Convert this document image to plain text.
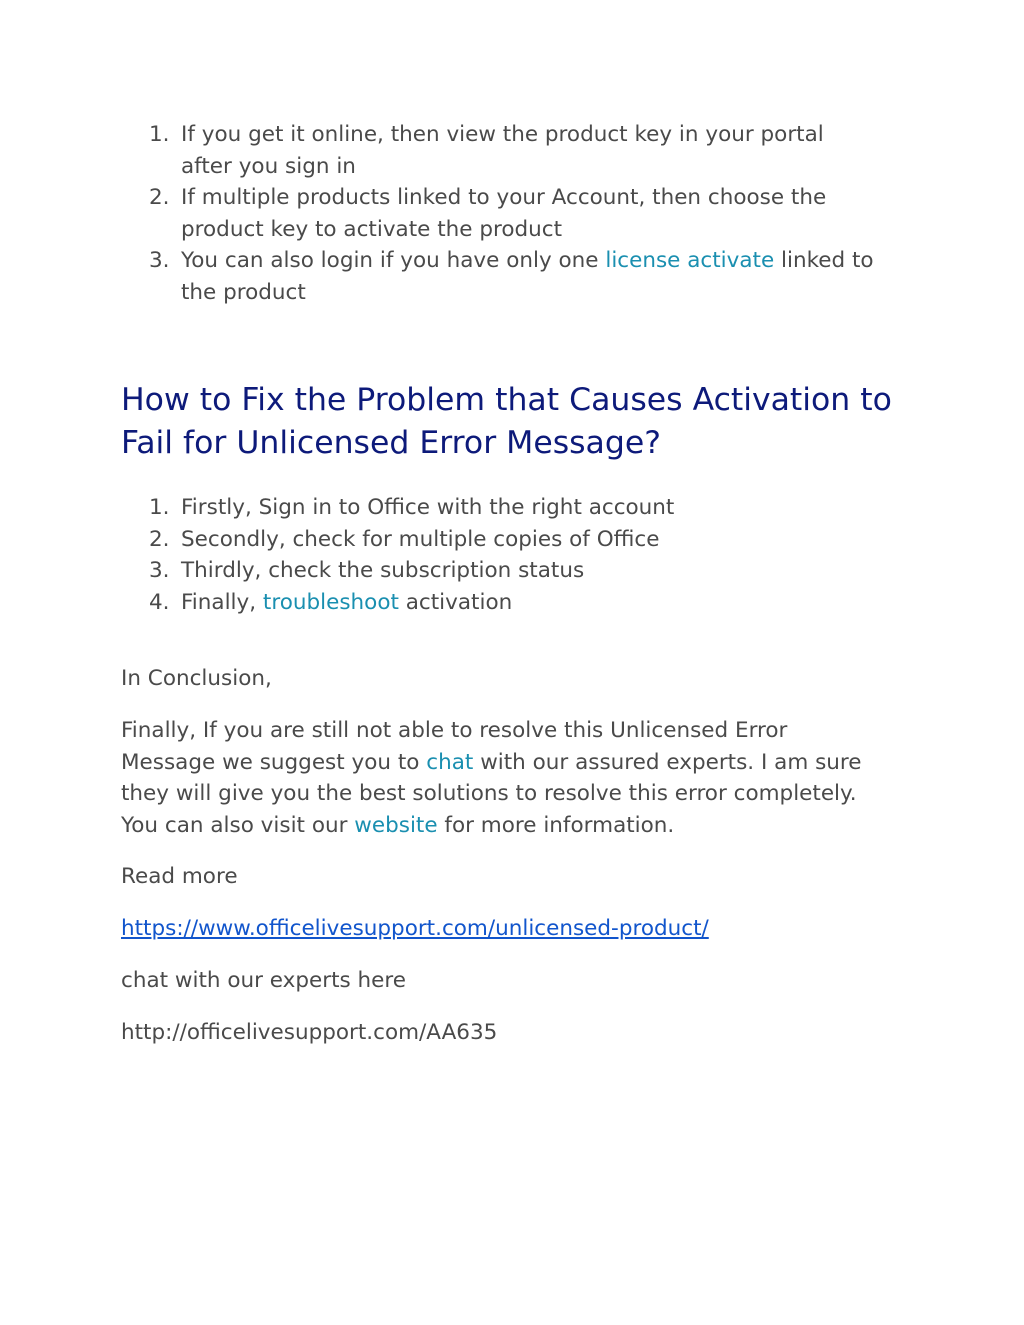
1. If you get it online, then view the product key in your portal
after you sign in
2. If multiple products linked to your Account, then choose the
product key to activate the product
3. You can also login if you have only one license activate linked to
the product
How to Fix the Problem that Causes Activation to
Fail for Unlicensed Error Message?
1. Firstly, Sign in to Office with the right account
2. Secondly, check for multiple copies of Office
3. Thirdly, check the subscription status
4. Finally, troubleshoot activation

In Conclusion,

Finally, If you are still not able to resolve this Unlicensed Error
Message we suggest you to chat with our assured experts. I am sure
they will give you the best solutions to resolve this error completely.
You can also visit our website for more information.

Read more

https://www.officelivesupport.com/unlicensed-product/

chat with our experts here

http://officelivesupport.com/AA635
